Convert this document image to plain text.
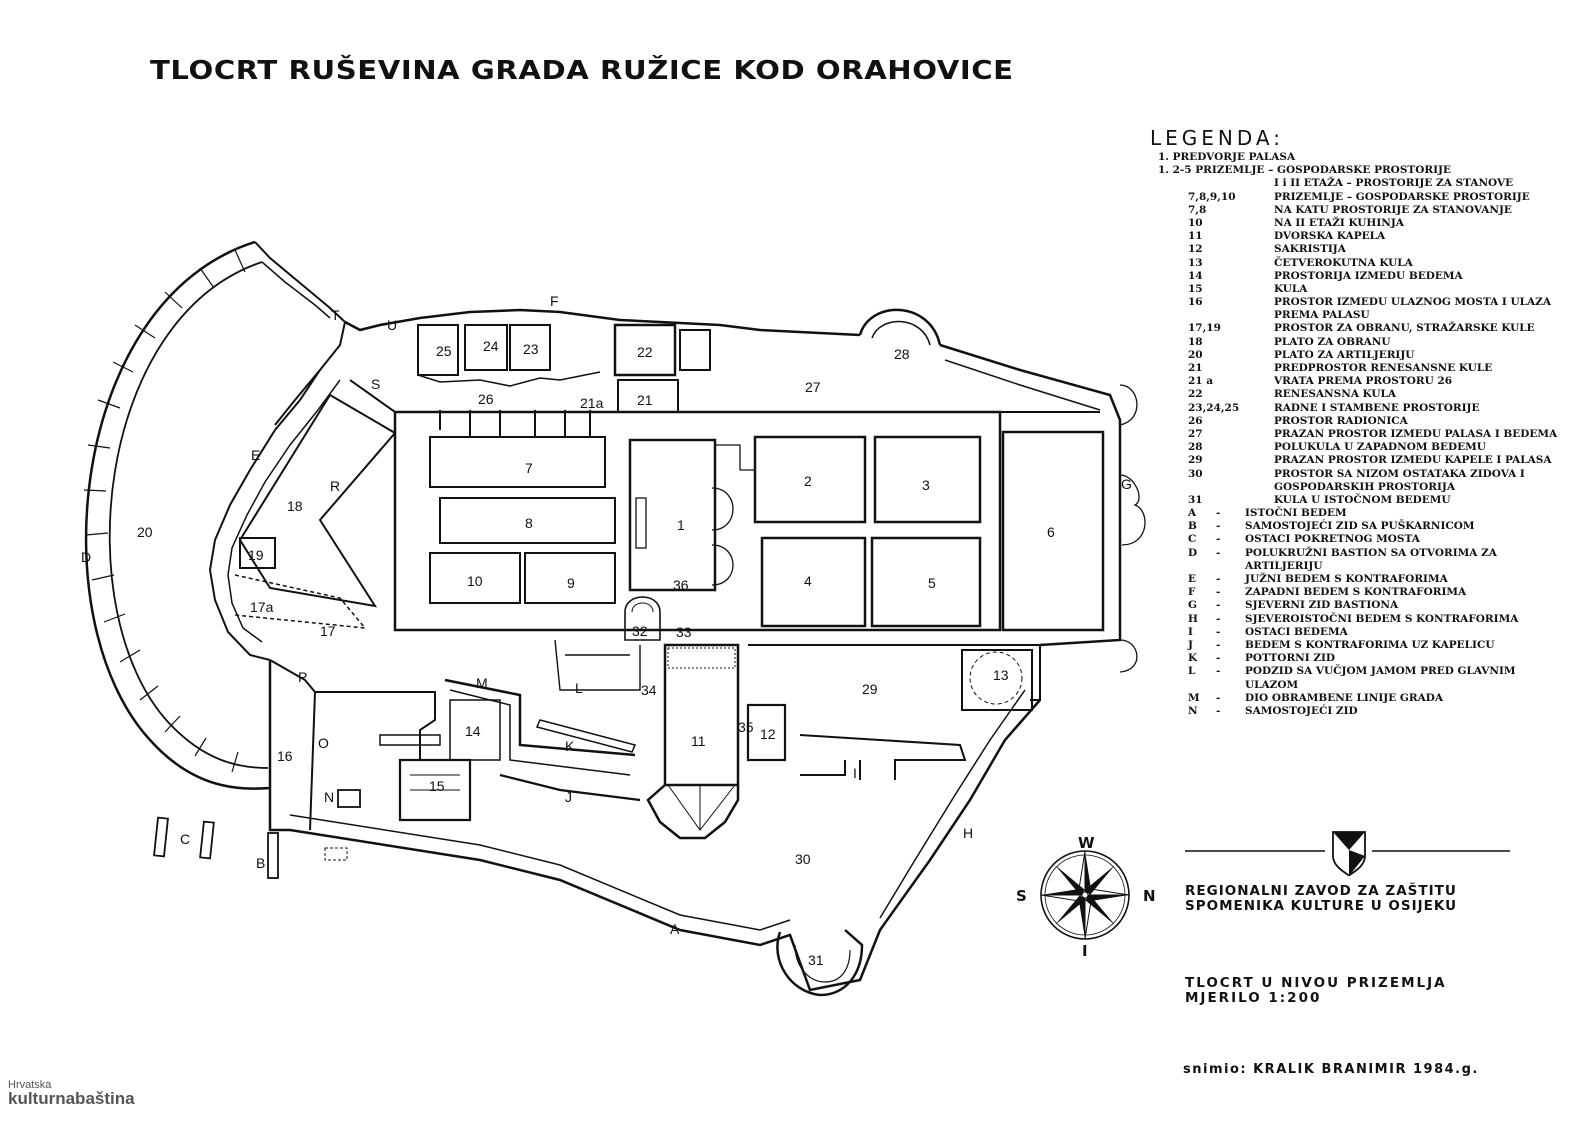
TLOCRT RUŠEVINA GRADA RUŽICE KOD ORAHOVICE
LEGENDA:
1. PREDVORJE PALASA
1. 2-5 PRIZEMLJE – GOSPODARSKE PROSTORIJE
I i II ETAŽA – PROSTORIJE ZA STANOVE
7,8,9,10	PRIZEMLJE – GOSPODARSKE PROSTORIJE
7,8	NA KATU PROSTORIJE ZA STANOVANJE
10	NA II ETAŽI KUHINJA
11	DVORSKA KAPELA
12	SAKRISTIJA
13	ČETVEROKUTNA KULA
14	PROSTORIJA IZMEDU BEDEMA
15	KULA
16	PROSTOR IZMEDU ULAZNOG MOSTA I ULAZA
PREMA PALASU
17,19	PROSTOR ZA OBRANU, STRAŽARSKE KULE
18	PLATO ZA OBRANU
20	PLATO ZA ARTILJERIJU
21	PREDPROSTOR RENESANSNE KULE
21 a	VRATA PREMA PROSTORU 26
22	RENESANSNA KULA
23,24,25	RADNE I STAMBENE PROSTORIJE
26	PROSTOR RADIONICA
27	PRAZAN PROSTOR IZMEDU PALASA I BEDEMA
28	POLUKULA U ZAPADNOM BEDEMU
29	PRAZAN PROSTOR IZMEDU KAPELE I PALASA
30	PROSTOR SA NIZOM OSTATAKA ZIDOVA I
GOSPODARSKIH PROSTORIJA
31	KULA U ISTOČNOM BEDEMU
A - ISTOČNI BEDEM
B - SAMOSTOJEĆI ZID SA PUŠKARNICOM
C - OSTACI POKRETNOG MOSTA
D - POLUKRUŽNI BASTION SA OTVORIMA ZA
ARTILJERIJU
E - JUŽNI BEDEM S KONTRAFORIMA
F - ZAPADNI BEDEM S KONTRAFORIMA
G - SJEVERNI ZID BASTIONA
H - SJEVEROISTOČNI BEDEM S KONTRAFORIMA
I - OSTACI BEDEMA
J - BEDEM S KONTRAFORIMA UZ KAPELICU
K - POTTORNI ZID
L - PODZID SA VUČJOM JAMOM PRED GLAVNIM
ULAZOM
M - DIO OBRAMBENE LINIJE GRADA
N - SAMOSTOJEĆI ZID
1
2	3
4	5
6
7
8
9
10
11	12
13
14
15
16
17
17a
18
19
20
21
21a
22
23
24
25
26
27
28
29
30
31
32 33
34
35
36
A
B
C
D
E
F
G
H
I
J
K
L
M
N
O
P
R
S
T
U
W
S	N
I
REGIONALNI ZAVOD ZA ZAŠTITU
SPOMENIKA KULTURE U OSIJEKU
TLOCRT U NIVOU PRIZEMLJA
MJERILO 1:200
snimio: KRALIK BRANIMIR 1984.g.
Hrvatska
kulturnabaština
